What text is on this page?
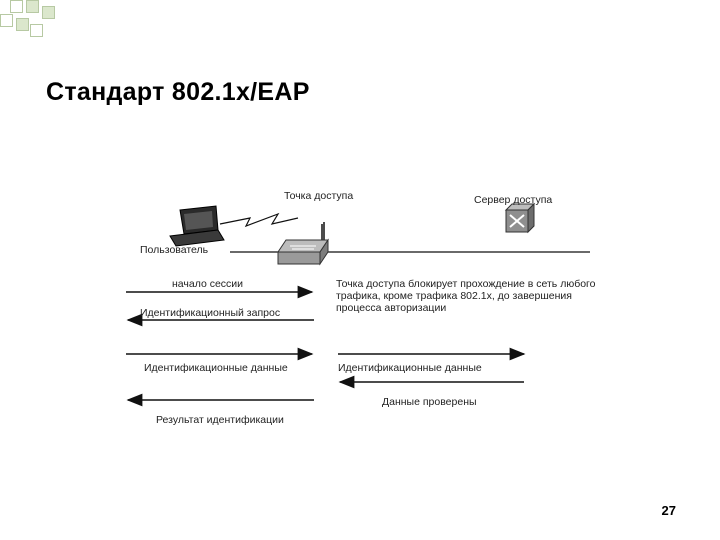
Стандарт 802.1x/EAP
Точка доступа	Сервер доступа
Пользователь
начало сессии
Идентификационный запрос
Идентификационные данные	Идентификационные данные
Результат идентификации
Данные проверены
Точка доступа блокирует прохождение в сеть любого трафика, кроме трафика 802.1х, до завершения процесса авторизации
27
